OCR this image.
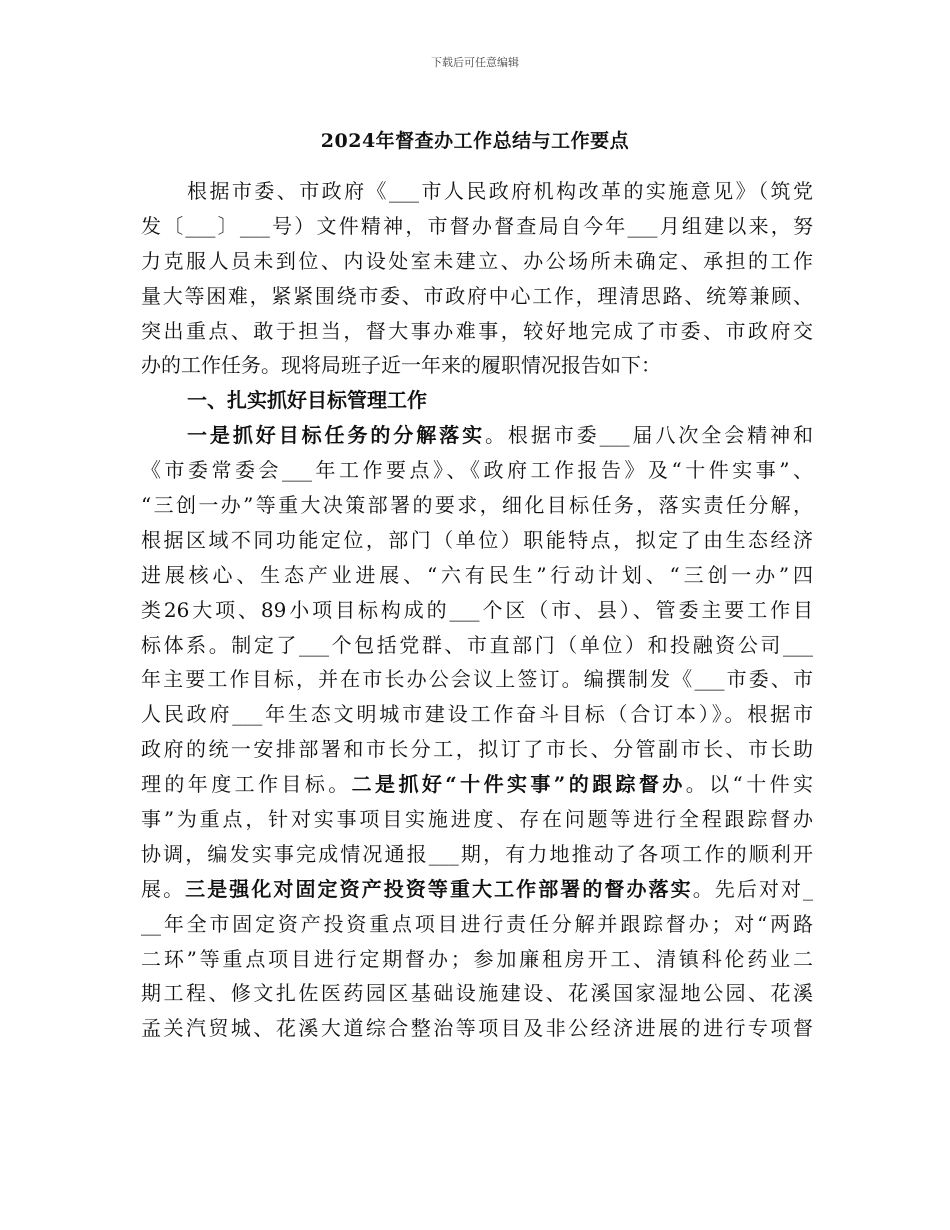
下载后可任意编辑
2024年督查办工作总结与工作要点
根据市委、市政府《___市人民政府机构改革的实施意见》（筑党
发〔___〕___号）文件精神，市督办督查局自今年___月组建以来，努
力克服人员未到位、内设处室未建立、办公场所未确定、承担的工作
量大等困难，紧紧围绕市委、市政府中心工作，理清思路、统筹兼顾、
突出重点、敢于担当，督大事办难事，较好地完成了市委、市政府交
办的工作任务。现将局班子近一年来的履职情况报告如下：
一、扎实抓好目标管理工作
一是抓好目标任务的分解落实。根据市委___届八次全会精神和
《市委常委会___年工作要点》、《政府工作报告》及“十件实事”、
“三创一办”等重大决策部署的要求，细化目标任务，落实责任分解，
根据区域不同功能定位，部门（单位）职能特点，拟定了由生态经济
进展核心、生态产业进展、“六有民生”行动计划、“三创一办”四
类26大项、89小项目标构成的___个区（市、县）、管委主要工作目
标体系。制定了___个包括党群、市直部门（单位）和投融资公司___
年主要工作目标，并在市长办公会议上签订。编撰制发《___市委、市
人民政府___年生态文明城市建设工作奋斗目标（合订本）》。根据市
政府的统一安排部署和市长分工，拟订了市长、分管副市长、市长助
理的年度工作目标。二是抓好“十件实事”的跟踪督办。以“十件实
事”为重点，针对实事项目实施进度、存在问题等进行全程跟踪督办
协调，编发实事完成情况通报___期，有力地推动了各项工作的顺利开
展。三是强化对固定资产投资等重大工作部署的督办落实。先后对对_
__年全市固定资产投资重点项目进行责任分解并跟踪督办；对“两路
二环”等重点项目进行定期督办；参加廉租房开工、清镇科伦药业二
期工程、修文扎佐医药园区基础设施建设、花溪国家湿地公园、花溪
孟关汽贸城、花溪大道综合整治等项目及非公经济进展的进行专项督
